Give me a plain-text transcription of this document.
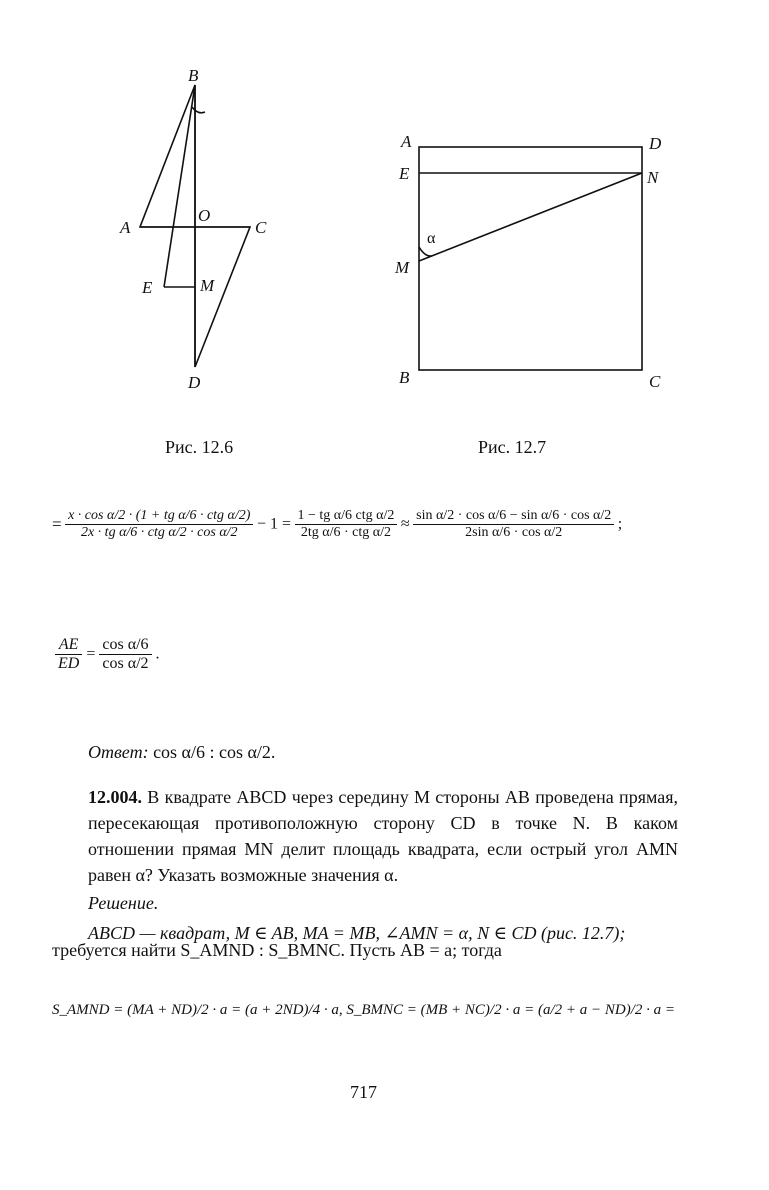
B
A
O
C
E	M
D
A	D
E	N
α
M
B	C
Рис. 12.6	Рис. 12.7
= $\frac{\text{x · cos α/2 · (1 + tg α/6 · ctg α/2)}}{\text{2x · tg α/6 · ctg α/2 · cos α/2}} - 1 = \frac{\text{1 − tg α/6 ctg α/2}}{\text{2tg α/6 · ctg α/2}} \approx \frac{\text{sin α/2 · cos α/6 − sin α/6 · cos α/2}}{\text{2sin α/6 · cos α/2}}$ ;
$\frac{AE}{ED} = \frac{\text{cos α/6}}{\text{cos α/2}}$ .
Ответ: cos α/6 : cos α/2.

12.004. В квадрате ABCD через середину M стороны AB проведена прямая, пересекающая противоположную сторону CD в точке N. В каком отношении прямая MN делит площадь квадрата, если острый угол AMN равен α? Указать возможные значения α.

Решение.

ABCD — квадрат, M ∈ AB, MA = MB, ∠AMN = α, N ∈ CD (рис. 12.7);

требуется найти S_AMND : S_BMNC. Пусть AB = a; тогда
S_AMND = (MA + ND)/2 · a = (a + 2ND)/4 · a, S_BMNC = (MB + NC)/2 · a = (a/2 + a − ND)/2 · a =
717
